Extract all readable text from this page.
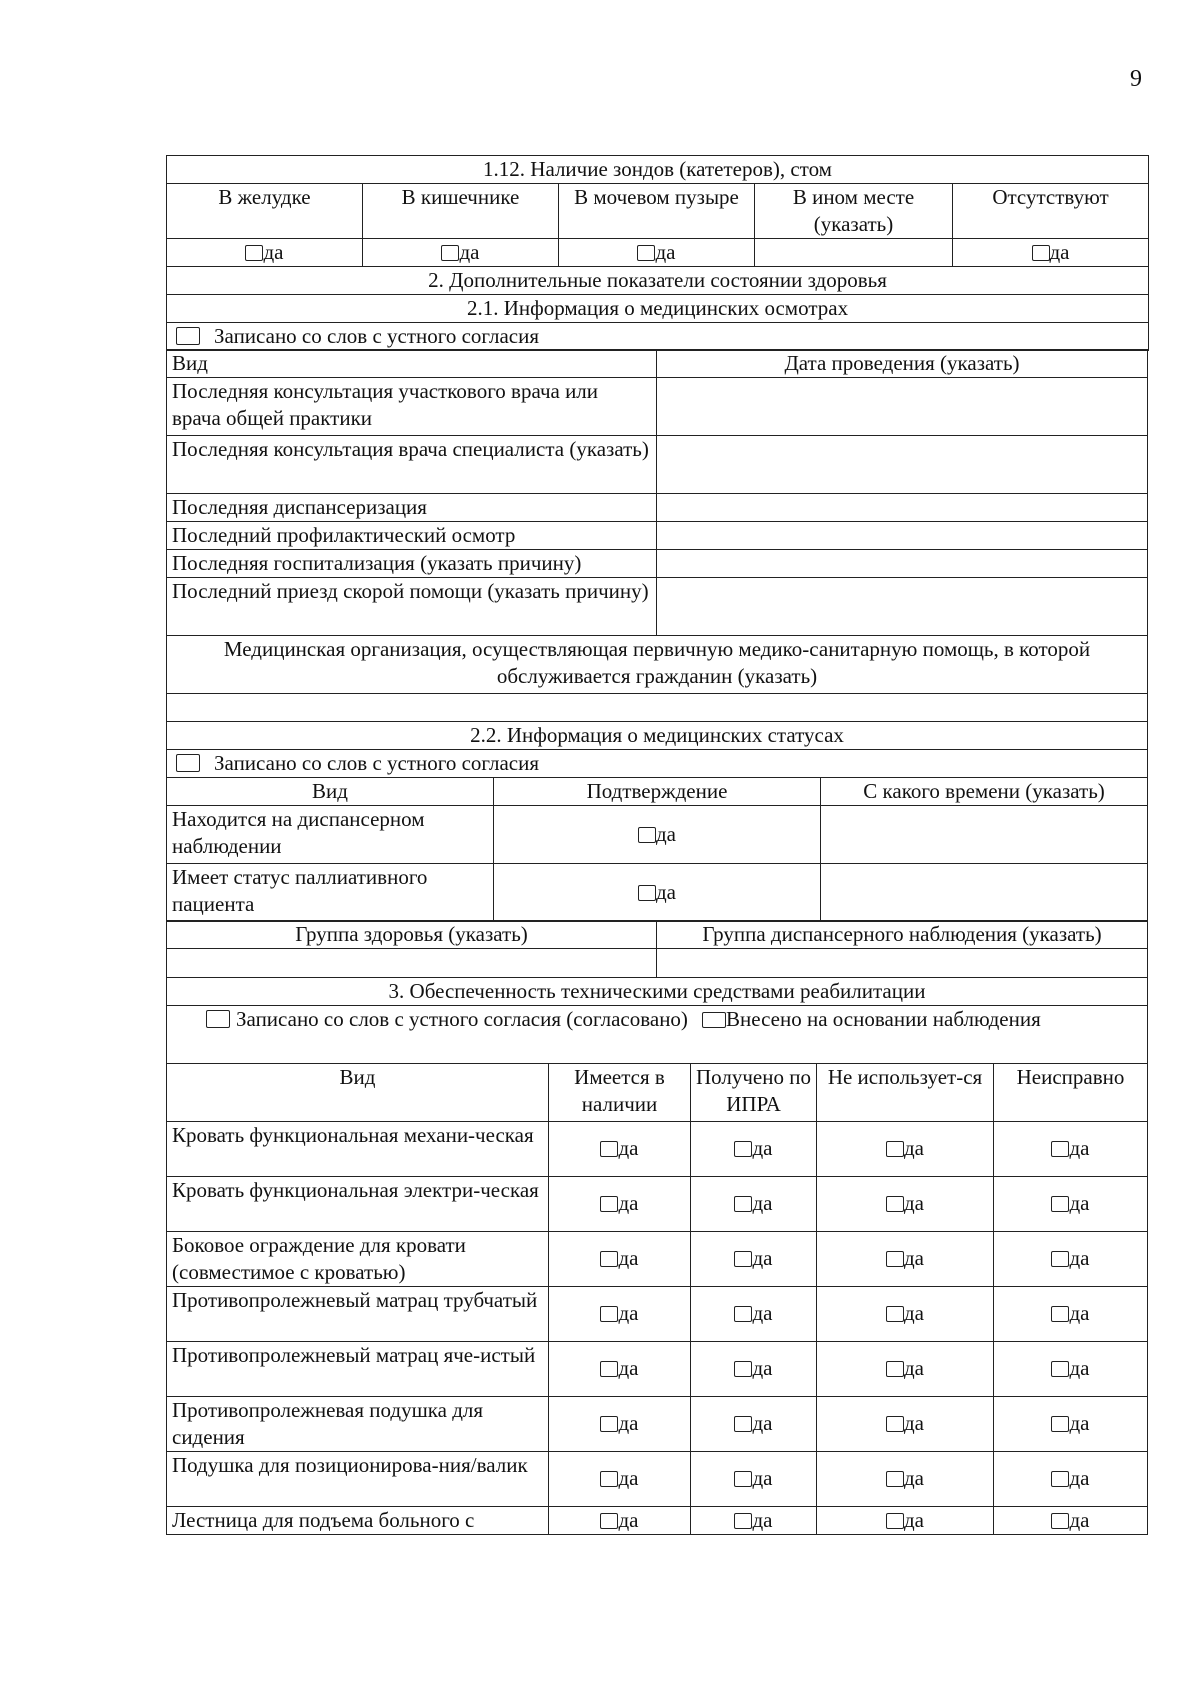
9
1.12. Наличие зондов (катетеров), стом				
В желудке	В кишечнике	В мочевом пузыре	В ином месте (указать)	Отсутствуют
да	да	да		да
2. Дополнительные показатели состоянии здоровья				
2.1. Информация о медицинских осмотрах				
Записано со слов с устного согласия				
Вид	Дата проведения (указать)
Последняя консультация участкового врача или врача общей практики	
Последняя консультация врача специалиста (указать)	
Последняя диспансеризация	
Последний профилактический осмотр	
Последняя госпитализация (указать причину)	
Последний приезд скорой помощи (указать причину)	
Медицинская организация, осуществляющая первичную медико-санитарную помощь, в которой обслуживается гражданин (указать)	

2.2. Информация о медицинских статусах	
Записано со слов с устного согласия	
Вид	Подтверждение	С какого времени (указать)
Находится на диспансерном наблюдении	да	
Имеет статус паллиативного пациента	да	
Группа здоровья (указать)	Группа диспансерного наблюдения (указать)

3. Обеспеченность техническими средствами реабилитации				

Записано со слов с устного согласия (согласовано) Внесено на основании наблюдения				

Вид	Имеется в наличии	Получено по ИПРА	Не использует-ся	Неисправно
Кровать функциональная механи-ческая	да	да	да	да
Кровать функциональная электри-ческая	да	да	да	да
Боковое ограждение для кровати (совместимое с кроватью)	да	да	да	да
Противопролежневый матрац трубчатый	да	да	да	да
Противопролежневый матрац яче-истый	да	да	да	да
Противопролежневая подушка для сидения	да	да	да	да
Подушка для позиционирова-ния/валик	да	да	да	да
Лестница для подъема больного с	да	да	да	да
